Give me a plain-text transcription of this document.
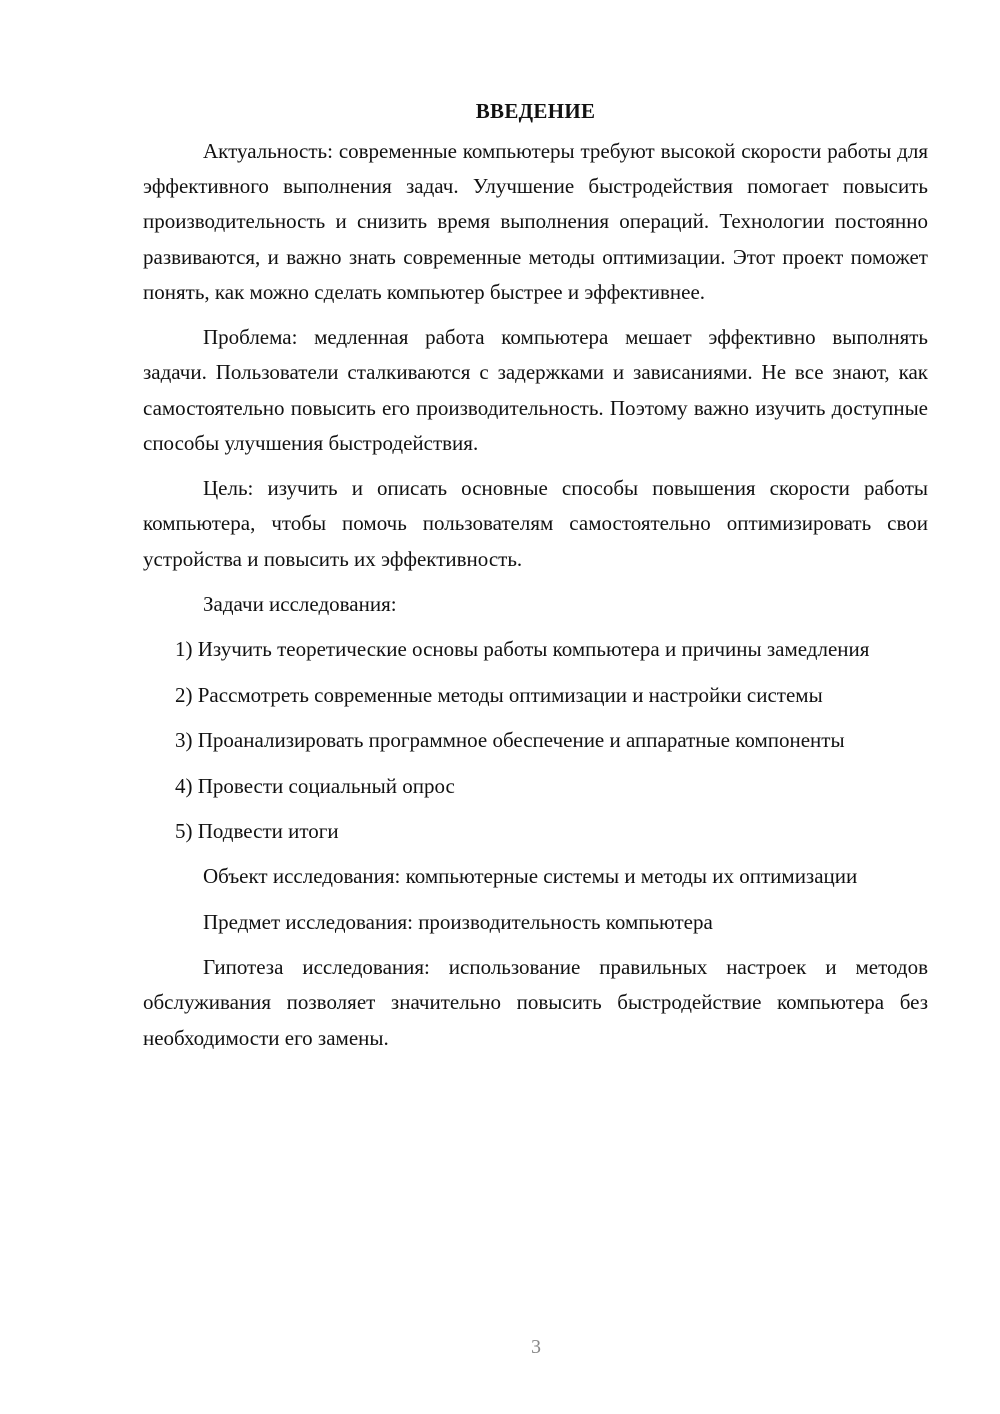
ВВЕДЕНИЕ

Актуальность: современные компьютеры требуют высокой скорости работы для эффективного выполнения задач. Улучшение быстродействия помогает повысить производительность и снизить время выполнения операций. Технологии постоянно развиваются, и важно знать современные методы оптимизации. Этот проект поможет понять, как можно сделать компьютер быстрее и эффективнее.

Проблема: медленная работа компьютера мешает эффективно выполнять задачи. Пользователи сталкиваются с задержками и зависаниями. Не все знают, как самостоятельно повысить его производительность. Поэтому важно изучить доступные способы улучшения быстродействия.

Цель: изучить и описать основные способы повышения скорости работы компьютера, чтобы помочь пользователям самостоятельно оптимизировать свои устройства и повысить их эффективность.

Задачи исследования:

1) Изучить теоретические основы работы компьютера и причины замедления

2) Рассмотреть современные методы оптимизации и настройки системы

3) Проанализировать программное обеспечение и аппаратные компоненты

4) Провести социальный опрос

5) Подвести итоги

Объект исследования: компьютерные системы и методы их оптимизации

Предмет исследования: производительность компьютера

Гипотеза исследования: использование правильных настроек и методов обслуживания позволяет значительно повысить быстродействие компьютера без необходимости его замены.

3
